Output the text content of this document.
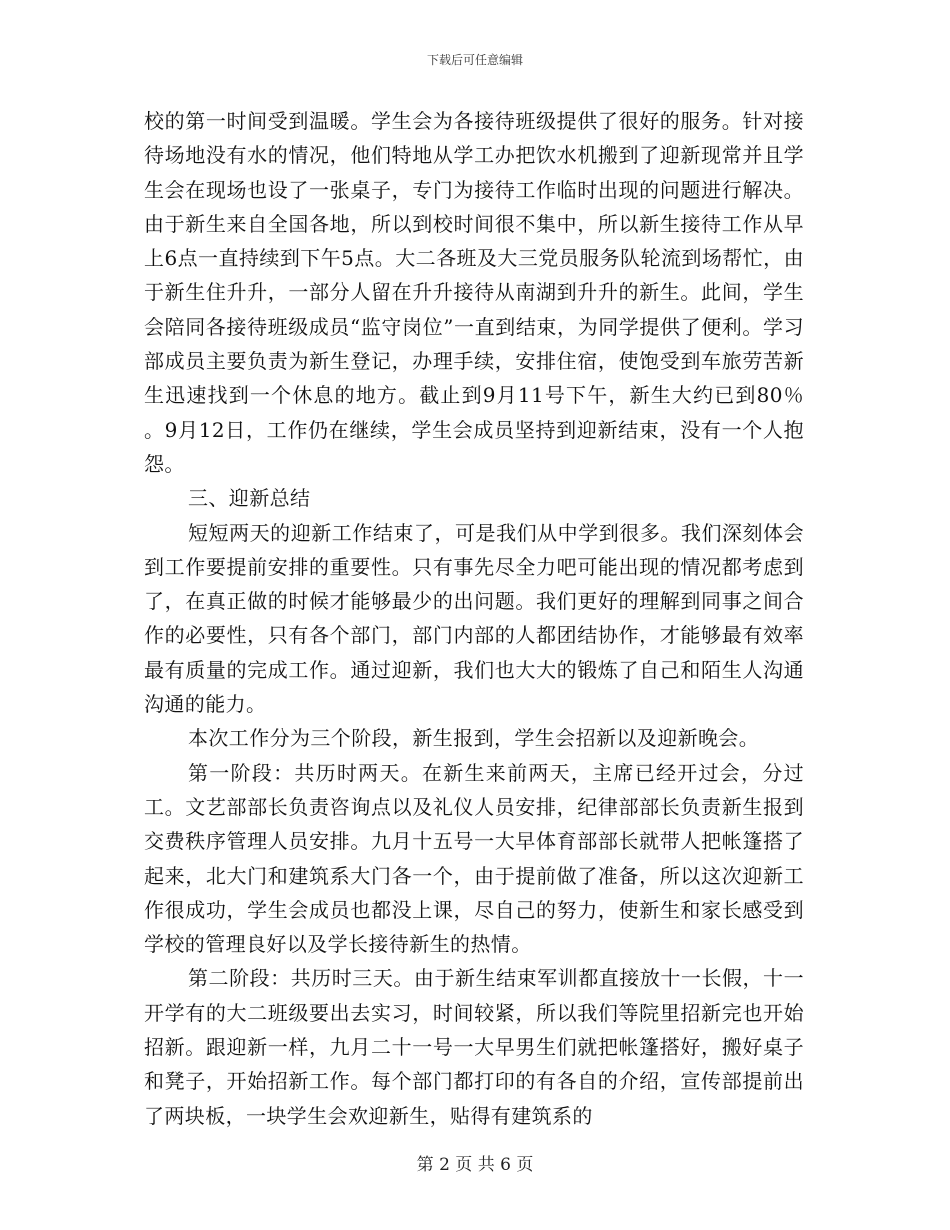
下载后可任意编辑

校的第一时间受到温暖。学生会为各接待班级提供了很好的服务。针对接待场地没有水的情况，他们特地从学工办把饮水机搬到了迎新现常并且学生会在现场也设了一张桌子，专门为接待工作临时出现的问题进行解决。 由于新生来自全国各地，所以到校时间很不集中，所以新生接待工作从早上6点一直持续到下午5点。大二各班及大三党员服务队轮流到场帮忙，由于新生住升升，一部分人留在升升接待从南湖到升升的新生。此间，学生会陪同各接待班级成员“监守岗位”一直到结束，为同学提供了便利。学习部成员主要负责为新生登记，办理手续，安排住宿，使饱受到车旅劳苦新生迅速找到一个休息的地方。截止到9月11号下午，新生大约已到80％ 。9月12日，工作仍在继续，学生会成员坚持到迎新结束，没有一个人抱怨。

三、迎新总结

短短两天的迎新工作结束了，可是我们从中学到很多。我们深刻体会到工作要提前安排的重要性。只有事先尽全力吧可能出现的情况都考虑到了，在真正做的时候才能够最少的出问题。我们更好的理解到同事之间合作的必要性，只有各个部门，部门内部的人都团结协作，才能够最有效率最有质量的完成工作。通过迎新，我们也大大的锻炼了自己和陌生人沟通沟通的能力。

本次工作分为三个阶段，新生报到，学生会招新以及迎新晚会。

第一阶段：共历时两天。在新生来前两天，主席已经开过会，分过工。文艺部部长负责咨询点以及礼仪人员安排，纪律部部长负责新生报到交费秩序管理人员安排。九月十五号一大早体育部部长就带人把帐篷搭了起来，北大门和建筑系大门各一个，由于提前做了准备，所以这次迎新工作很成功，学生会成员也都没上课，尽自己的努力，使新生和家长感受到学校的管理良好以及学长接待新生的热情。

第二阶段：共历时三天。由于新生结束军训都直接放十一长假，十一开学有的大二班级要出去实习，时间较紧，所以我们等院里招新完也开始招新。跟迎新一样，九月二十一号一大早男生们就把帐篷搭好，搬好桌子和凳子，开始招新工作。每个部门都打印的有各自的介绍，宣传部提前出了两块板，一块学生会欢迎新生，贴得有建筑系的

第 2 页 共 6 页
